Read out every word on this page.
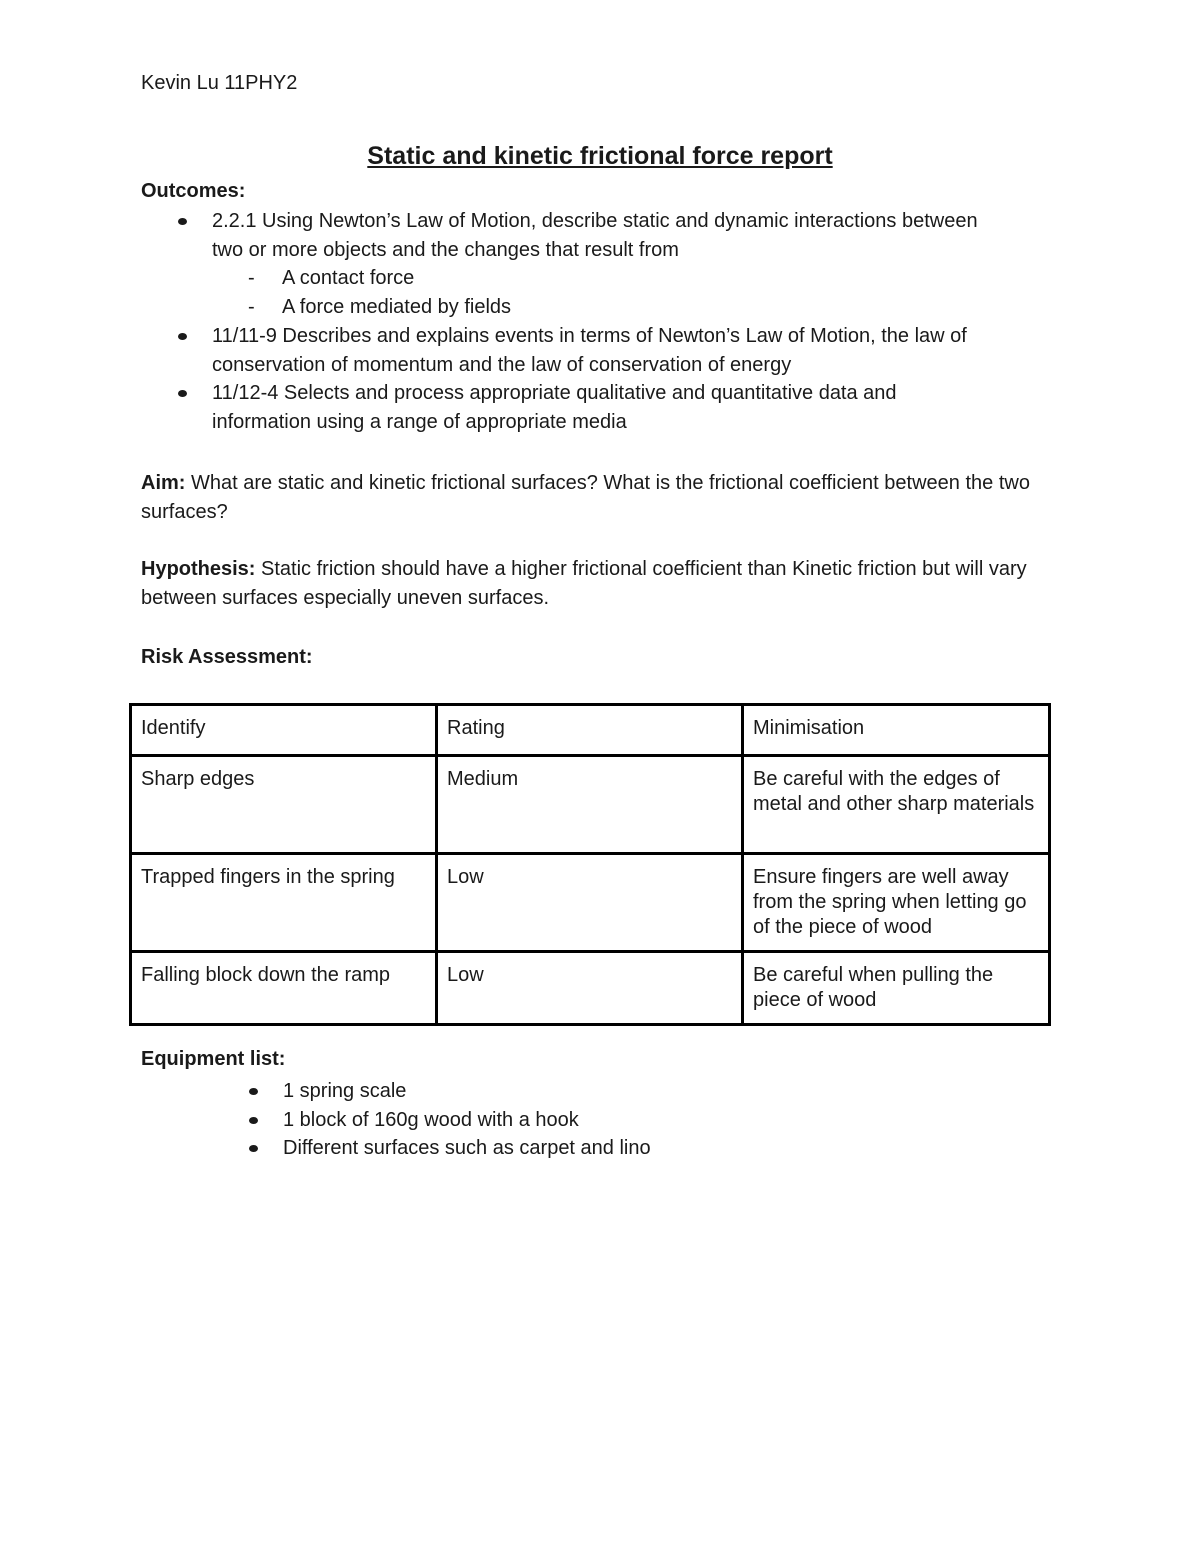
Kevin Lu 11PHY2
Static and kinetic frictional force report
Outcomes:
2.2.1 Using Newton’s Law of Motion, describe static and dynamic interactions between
two or more objects and the changes that result from
- A contact force
- A force mediated by fields
11/11-9 Describes and explains events in terms of Newton’s Law of Motion, the law of
conservation of momentum and the law of conservation of energy
11/12-4 Selects and process appropriate qualitative and quantitative data and
information using a range of appropriate media
Aim: What are static and kinetic frictional surfaces? What is the frictional coefficient between the two surfaces?
Hypothesis: Static friction should have a higher frictional coefficient than Kinetic friction but will vary between surfaces especially uneven surfaces.
Risk Assessment:
Identify	Rating	Minimisation
Sharp edges	Medium	Be careful with the edges of metal and other sharp materials
Trapped fingers in the spring	Low	Ensure fingers are well away from the spring when letting go of the piece of wood
Falling block down the ramp	Low	Be careful when pulling the piece of wood
Equipment list:
1 spring scale
1 block of 160g wood with a hook
Different surfaces such as carpet and lino
